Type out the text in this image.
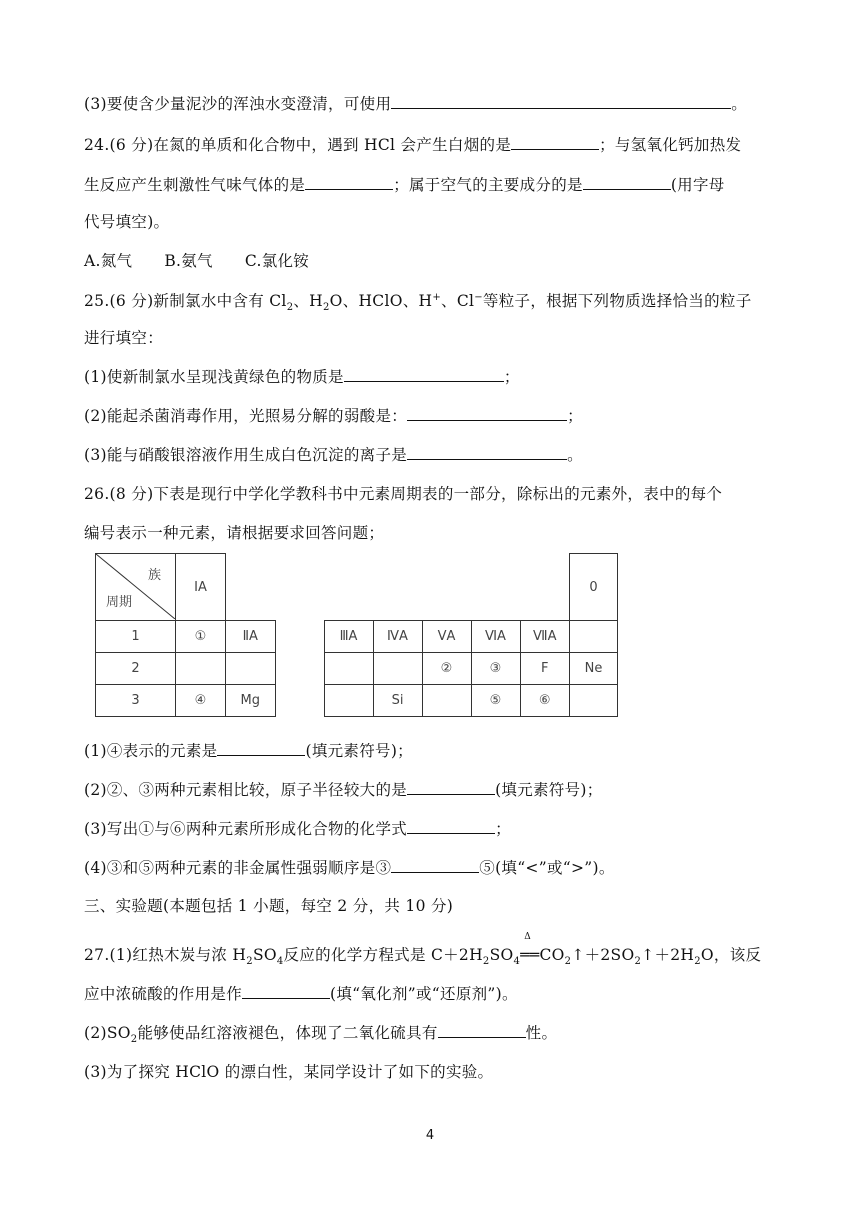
(3)要使含少量泥沙的浑浊水变澄清，可使用	。
24.(6 分)在氮的单质和化合物中，遇到 HCl 会产生白烟的是	；与氢氧化钙加热发
生反应产生刺激性气味气体的是	；属于空气的主要成分的是	(用字母
代号填空)。
A.氮气 B.氨气 C.氯化铵
25.(6 分)新制氯水中含有 $Cl_2$、$H_2O$、HClO、H+、Cl−等粒子，根据下列物质选择恰当的粒子
进行填空：
(1)使新制氯水呈现浅黄绿色的物质是	；
(2)能起杀菌消毒作用，光照易分解的弱酸是：	；
(3)能与硝酸银溶液作用生成白色沉淀的离子是	。
26.(8 分)下表是现行中学化学教科书中元素周期表的一部分，除标出的元素外，表中的每个
编号表示一种元素，请根据要求回答问题；
族
周期	ⅠA								0
1	①	ⅡA		ⅢA	ⅣA	ⅤA	ⅥA	ⅦA	
2						②	③	F	Ne
3	④	Mg			Si		⑤	⑥	
(1)④表示的元素是	(填元素符号)；
(2)②、③两种元素相比较，原子半径较大的是	(填元素符号)；
(3)写出①与⑥两种元素所形成化合物的化学式	；
(4)③和⑤两种元素的非金属性强弱顺序是③	⑤(填“<”或“>”)。
三、实验题(本题包括 1 小题，每空 2 分，共 10 分)
27.(1)红热木炭与浓 $H_2SO_4$反应的化学方程式是 $C+2H_2SO_4$
Δ
$══CO_2↑+2SO_2↑+2H_2O$，该反
应中浓硫酸的作用是作	(填“氧化剂”或“还原剂”)。
$(2)SO_2$能够使品红溶液褪色，体现了二氧化硫具有	性。
(3)为了探究 HClO 的漂白性，某同学设计了如下的实验。
4
